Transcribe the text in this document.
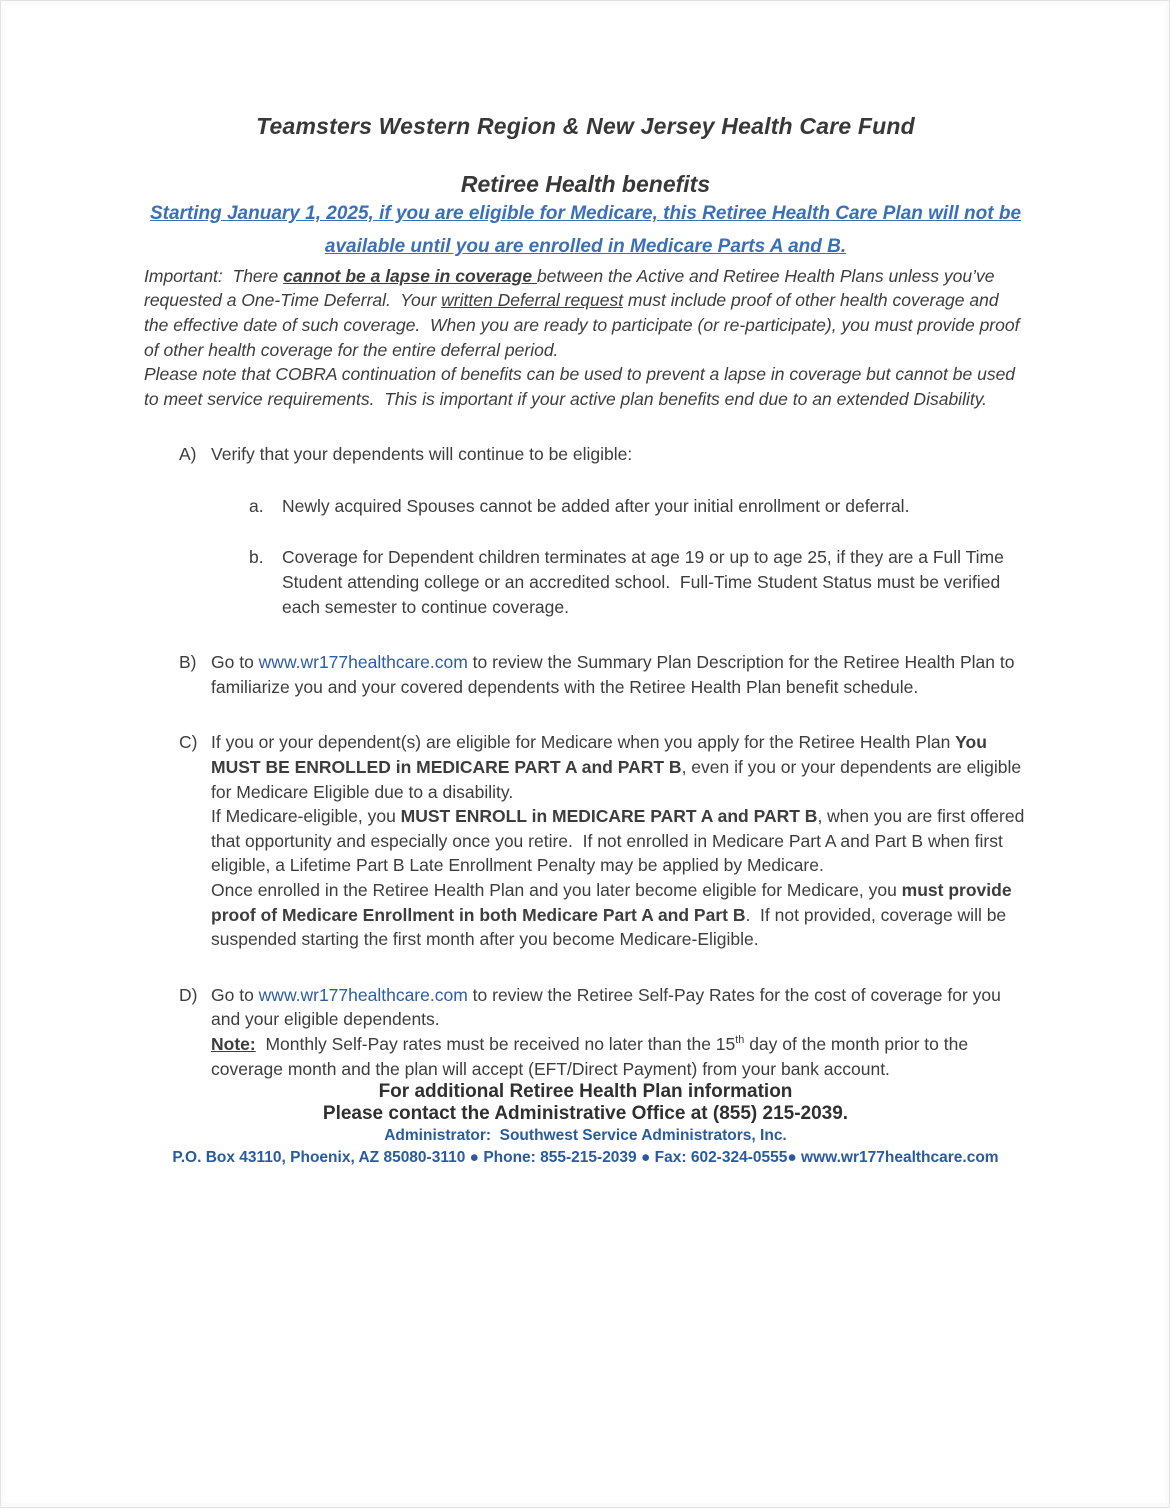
Teamsters Western Region & New Jersey Health Care Fund
Retiree Health benefits

Starting January 1, 2025, if you are eligible for Medicare, this Retiree Health Care Plan will not be available until you are enrolled in Medicare Parts A and B.

Important:  There cannot be a lapse in coverage between the Active and Retiree Health Plans unless you’ve requested a One-Time Deferral.  Your written Deferral request must include proof of other health coverage and the effective date of such coverage.  When you are ready to participate (or re-participate), you must provide proof of other health coverage for the entire deferral period.

Please note that COBRA continuation of benefits can be used to prevent a lapse in coverage but cannot be used to meet service requirements.  This is important if your active plan benefits end due to an extended Disability.

A) Verify that your dependents will continue to be eligible:
a.	Newly acquired Spouses cannot be added after your initial enrollment or deferral.
b.	Coverage for Dependent children terminates at age 19 or up to age 25, if they are a Full Time Student attending college or an accredited school.  Full-Time Student Status must be verified each semester to continue coverage.
B) Go to www.wr177healthcare.com to review the Summary Plan Description for the Retiree Health Plan to familiarize you and your covered dependents with the Retiree Health Plan benefit schedule.
C) If you or your dependent(s) are eligible for Medicare when you apply for the Retiree Health Plan You MUST BE ENROLLED in MEDICARE PART A and PART B, even if you or your dependents are eligible for Medicare Eligible due to a disability.

If Medicare-eligible, you MUST ENROLL in MEDICARE PART A and PART B, when you are first offered that opportunity and especially once you retire.  If not enrolled in Medicare Part A and Part B when first eligible, a Lifetime Part B Late Enrollment Penalty may be applied by Medicare.

Once enrolled in the Retiree Health Plan and you later become eligible for Medicare, you must provide proof of Medicare Enrollment in both Medicare Part A and Part B.  If not provided, coverage will be suspended starting the first month after you become Medicare-Eligible.

D) Go to www.wr177healthcare.com to review the Retiree Self-Pay Rates for the cost of coverage for you and your eligible dependents.

Note:  Monthly Self-Pay rates must be received no later than the 15th day of the month prior to the coverage month and the plan will accept (EFT/Direct Payment) from your bank account.

For additional Retiree Health Plan information

Please contact the Administrative Office at (855) 215-2039.

Administrator:  Southwest Service Administrators, Inc.

P.O. Box 43110, Phoenix, AZ 85080-3110 ● Phone: 855-215-2039 ● Fax: 602-324-0555● www.wr177healthcare.com
